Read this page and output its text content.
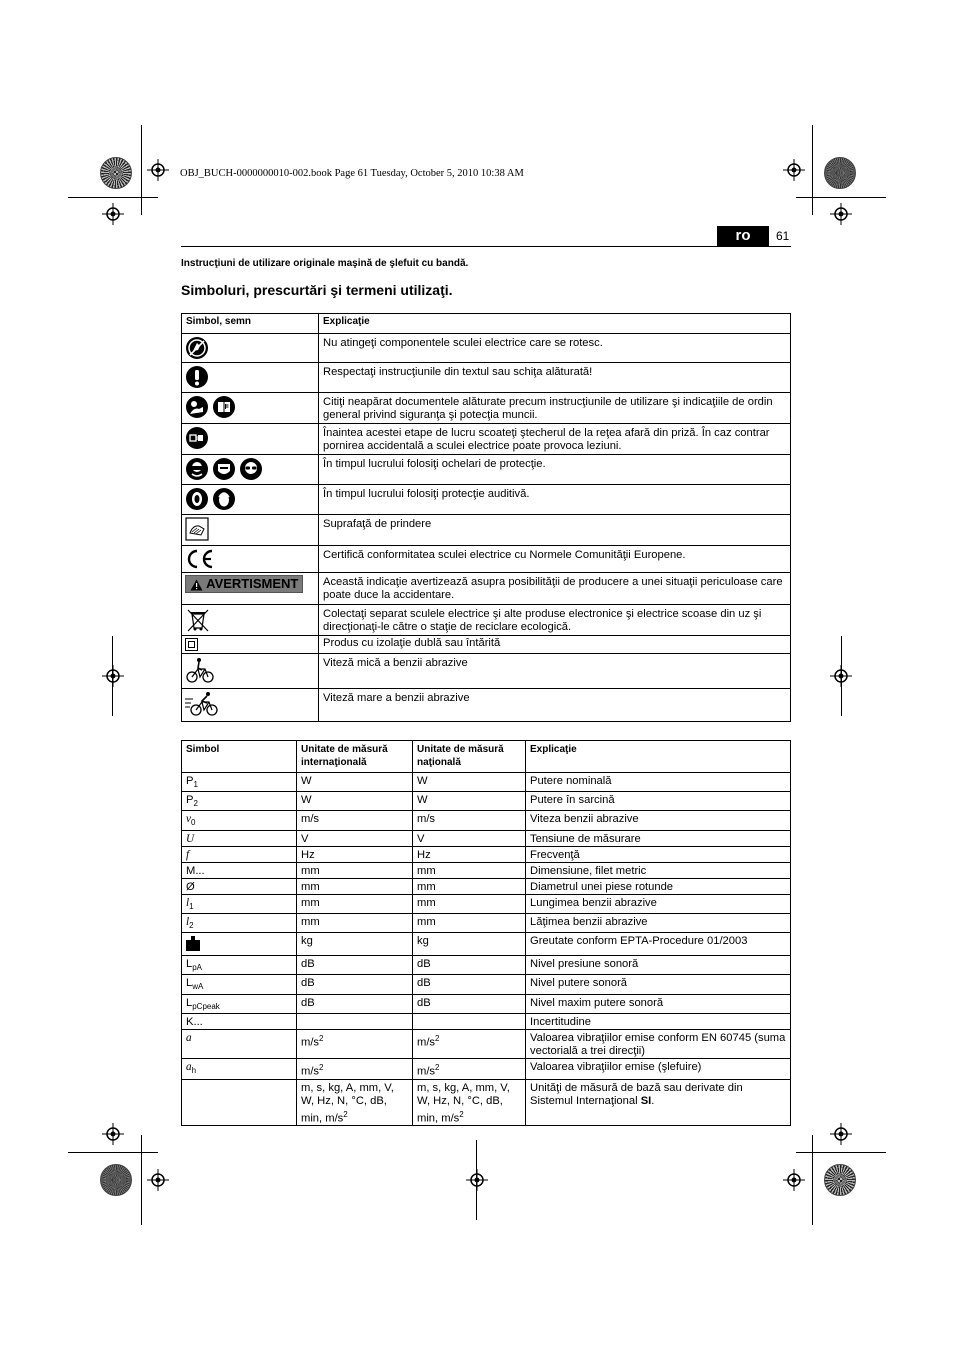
OBJ_BUCH-0000000010-002.book Page 61 Tuesday, October 5, 2010 10:38 AM
ro	61
Instrucţiuni de utilizare originale maşină de şlefuit cu bandă.
Simboluri, prescurtări şi termeni utilizaţi.
Simbol, semn	Explicaţie
	Nu atingeţi componentele sculei electrice care se rotesc.
	Respectaţi instrucţiunile din textul sau schiţa alăturată!
	Citiţi neapărat documentele alăturate precum instrucţiunile de utilizare şi indicaţiile de ordin general privind siguranţa şi potecţia muncii.
	Înaintea acestei etape de lucru scoateţi ştecherul de la reţea afară din priză. În caz contrar pornirea accidentală a sculei electrice poate provoca leziuni.
	În timpul lucrului folosiţi ochelari de protecţie.
	În timpul lucrului folosiţi protecţie auditivă.
	Suprafaţă de prindere
	Certifică conformitatea sculei electrice cu Normele Comunităţii Europene.
AVERTISMENT	Această indicaţie avertizează asupra posibilităţii de producere a unei situaţii periculoase care poate duce la accidentare.
	Colectaţi separat sculele electrice şi alte produse electronice şi electrice scoase din uz şi direcţionaţi-le către o staţie de reciclare ecologică.
	Produs cu izolaţie dublă sau întărită
	Viteză mică a benzii abrazive
	Viteză mare a benzii abrazive
Simbol	Unitate de măsură internaţională	Unitate de măsură naţională	Explicaţie
$P_1$	W	W	Putere nominală
$P_2$	W	W	Putere în sarcină
$v_0$	m/s	m/s	Viteza benzii abrazive
U	V	V	Tensiune de măsurare
f	Hz	Hz	Frecvenţă
M...	mm	mm	Dimensiune, filet metric
Ø	mm	mm	Diametrul unei piese rotunde
$l_1$	mm	mm	Lungimea benzii abrazive
$l_2$	mm	mm	Lăţimea benzii abrazive
	kg	kg	Greutate conform EPTA-Procedure 01/2003
$L_{pA}$	dB	dB	Nivel presiune sonoră
$L_{wA}$	dB	dB	Nivel putere sonoră
$L_{pCpeak}$	dB	dB	Nivel maxim putere sonoră
K...			Incertitudine
a	$m/s^2$	$m/s^2$	Valoarea vibraţiilor emise conform EN 60745 (suma vectorială a trei direcţii)
$a_h$	$m/s^2$	$m/s^2$	Valoarea vibraţiilor emise (şlefuire)
	m, s, kg, A, mm, V, W, Hz, N, °C, dB, min, $m/s^2$	m, s, kg, A, mm, V, W, Hz, N, °C, dB, min, $m/s^2$	Unităţi de măsură de bază sau derivate din Sistemul Internaţional SI.
